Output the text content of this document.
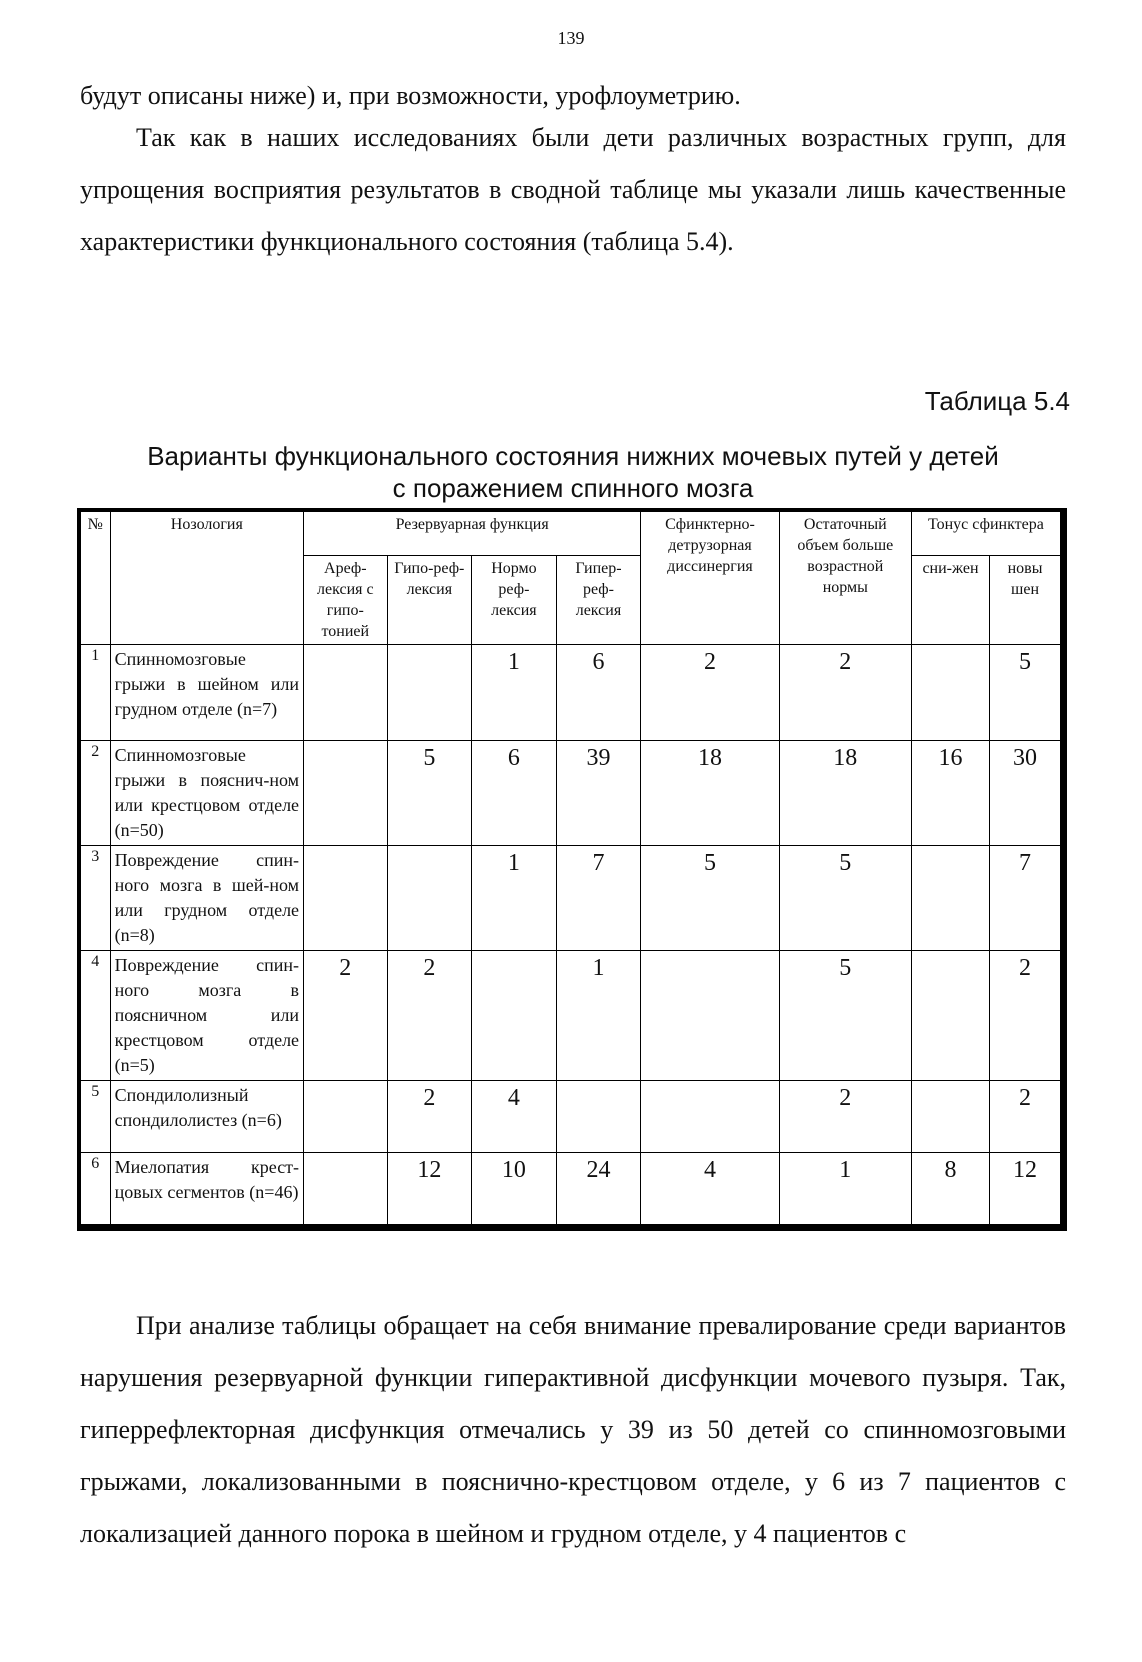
139

будут описаны ниже) и, при возможности, урофлоуметрию.

Так как в наших исследованиях были дети различных возрастных групп, для упрощения восприятия результатов в сводной таблице мы указали лишь качественные характеристики функционального состояния (таблица 5.4).

Таблица 5.4
Варианты функционального состояния нижних мочевых путей у детей
с поражением спинного мозга
№	Нозология	Резервуарная функция				Сфинктерно-детрузорная диссинергия	Остаточный объем больше возрастной нормы	Тонус сфинктера	
		Ареф-лексия с гипо-тонией	Гипо-реф-лексия	Нормо реф-лексия	Гипер-реф-лексия			сни-жен	новы шен
1	Спинномозговые грыжи в шейном или грудном отделе (n=7)			1	6	2	2		5
2	Спинномозговые грыжи в пояснич-ном или крестцовом отделе (n=50)		5	6	39	18	18	16	30
3	Повреждение спин-ного мозга в шей-ном или грудном отделе (n=8)			1	7	5	5		7
4	Повреждение спин-ного мозга в поясничном или крестцовом отделе (n=5)	2	2		1		5		2
5	Спондилолизный спондилолистез (n=6)		2	4			2		2
6	Миелопатия крест-цовых сегментов (n=46)		12	10	24	4	1	8	12

При анализе таблицы обращает на себя внимание превалирование среди вариантов нарушения резервуарной функции гиперактивной дисфункции мочевого пузыря. Так, гиперрефлекторная дисфункция отмечались у 39 из 50 детей со спинномозговыми грыжами, локализованными в пояснично-крестцовом отделе, у 6 из 7 пациентов с локализацией данного порока в шейном и грудном отделе, у 4 пациентов с
